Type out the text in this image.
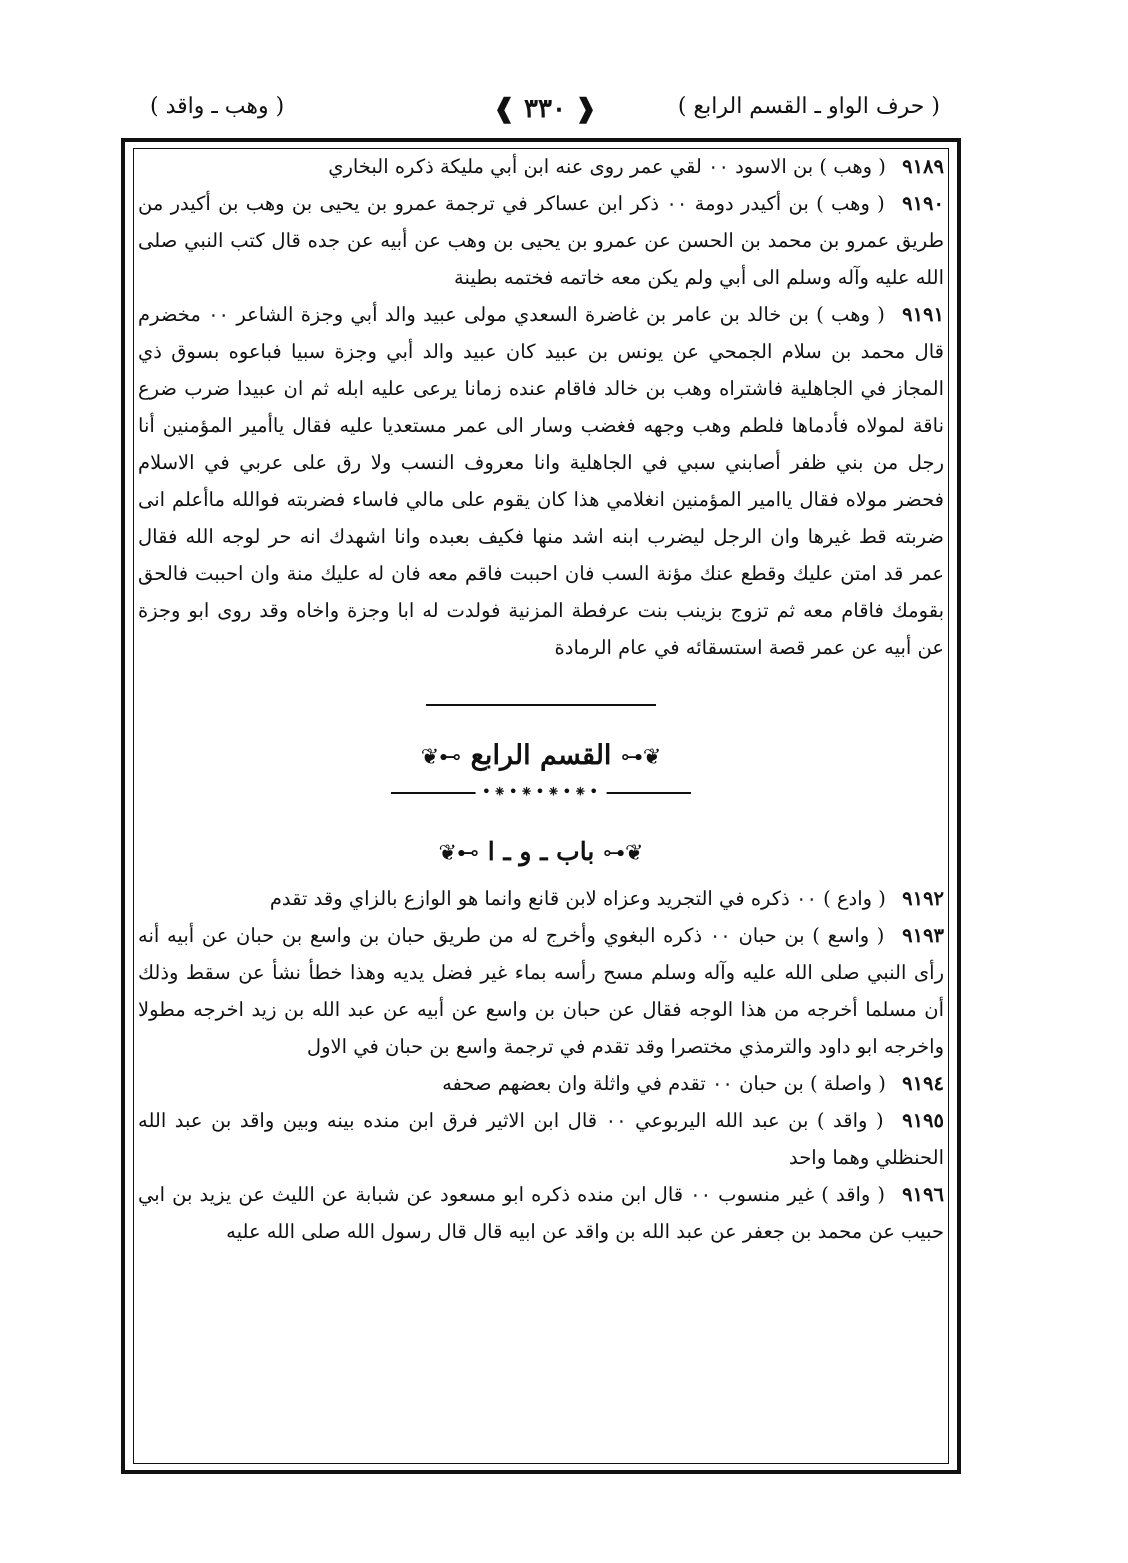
( حرف الواو ـ القسم الرابع )
❰ ٣٣٠ ❱
( وهب ـ واقد )

٩١٨٩ ( وهب ) بن الاسود ٠٠ لقي عمر روى عنه ابن أبي مليكة ذكره البخاري

٩١٩٠ ( وهب ) بن أكيدر دومة ٠٠ ذكر ابن عساكر في ترجمة عمرو بن يحيى بن وهب بن أكيدر من طريق عمرو بن محمد بن الحسن عن عمرو بن يحيى بن وهب عن أبيه عن جده قال كتب النبي صلى الله عليه وآله وسلم الى أبي ولم يكن معه خاتمه فختمه بطينة

٩١٩١ ( وهب ) بن خالد بن عامر بن غاضرة السعدي مولى عبيد والد أبي وجزة الشاعر ٠٠ مخضرم قال محمد بن سلام الجمحي عن يونس بن عبيد كان عبيد والد أبي وجزة سبيا فباعوه بسوق ذي المجاز في الجاهلية فاشتراه وهب بن خالد فاقام عنده زمانا يرعى عليه ابله ثم ان عبيدا ضرب ضرع ناقة لمولاه فأدماها فلطم وهب وجهه فغضب وسار الى عمر مستعديا عليه فقال ياأمير المؤمنين أنا رجل من بني ظفر أصابني سبي في الجاهلية وانا معروف النسب ولا رق على عربي في الاسلام فحضر مولاه فقال ياامير المؤمنين انغلامي هذا كان يقوم على مالي فاساء فضربته فوالله ماأعلم انى ضربته قط غيرها وان الرجل ليضرب ابنه اشد منها فكيف بعبده وانا اشهدك انه حر لوجه الله فقال عمر قد امتن عليك وقطع عنك مؤنة السب فان احببت فاقم معه فان له عليك منة وان احببت فالحق بقومك فاقام معه ثم تزوج بزينب بنت عرفطة المزنية فولدت له ابا وجزة واخاه وقد روى ابو وجزة عن أبيه عن عمر قصة استسقائه في عام الرمادة

❦⊷ القسم الرابع ⊶❦
•⁕•⁕•⁕•⁕•
❦⊷ باب ـ و ـ ا ⊶❦

٩١٩٢ ( وادع ) ٠٠ ذكره في التجريد وعزاه لابن قانع وانما هو الوازع بالزاي وقد تقدم

٩١٩٣ ( واسع ) بن حبان ٠٠ ذكره البغوي وأخرج له من طريق حبان بن واسع بن حبان عن أبيه أنه رأى النبي صلى الله عليه وآله وسلم مسح رأسه بماء غير فضل يديه وهذا خطأ نشأ عن سقط وذلك أن مسلما أخرجه من هذا الوجه فقال عن حبان بن واسع عن أبيه عن عبد الله بن زيد اخرجه مطولا واخرجه ابو داود والترمذي مختصرا وقد تقدم في ترجمة واسع بن حبان في الاول

٩١٩٤ ( واصلة ) بن حبان ٠٠ تقدم في واثلة وان بعضهم صحفه

٩١٩٥ ( واقد ) بن عبد الله اليربوعي ٠٠ قال ابن الاثير فرق ابن منده بينه وبين واقد بن عبد الله الحنظلي وهما واحد

٩١٩٦ ( واقد ) غير منسوب ٠٠ قال ابن منده ذكره ابو مسعود عن شبابة عن الليث عن يزيد بن ابي حبيب عن محمد بن جعفر عن عبد الله بن واقد عن ابيه قال قال رسول الله صلى الله عليه
